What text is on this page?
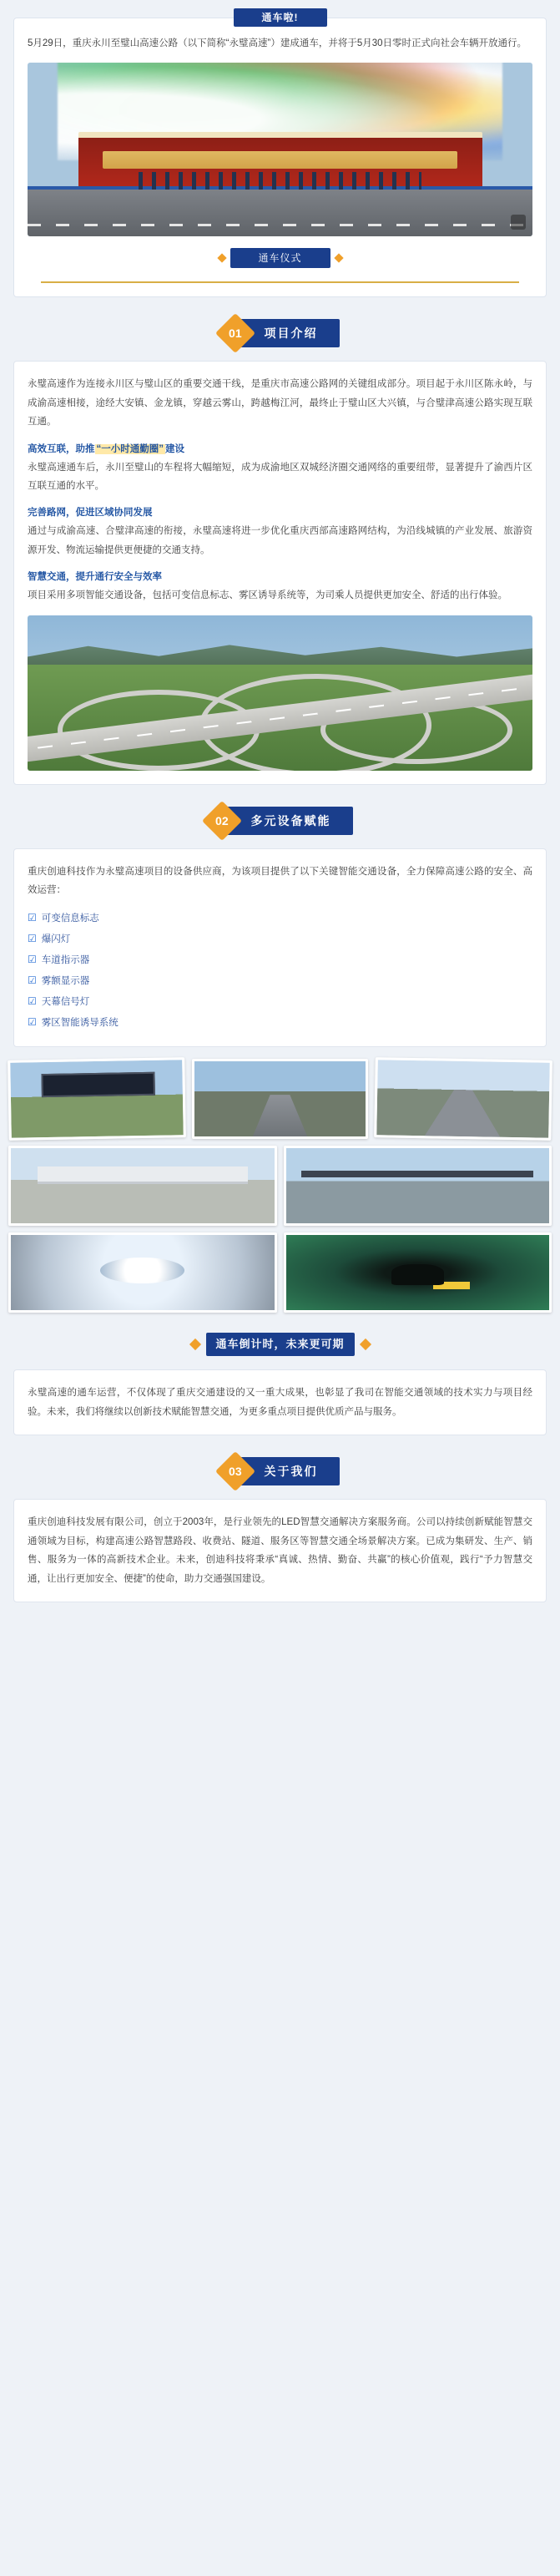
通车啦!
5月29日，重庆永川至璧山高速公路（以下简称“永璧高速”）建成通车，并将于5月30日零时正式向社会车辆开放通行。
通车仪式
01	项目介绍

永璧高速作为连接永川区与璧山区的重要交通干线，是重庆市高速公路网的关键组成部分。项目起于永川区陈永岭，与成渝高速相接，途经大安镇、金龙镇，穿越云雾山，跨越梅江河，最终止于璧山区大兴镇，与合璧津高速公路实现互联互通。

高效互联，助推 “一小时通勤圈” 建设

永璧高速通车后，永川至璧山的车程将大幅缩短，成为成渝地区双城经济圈交通网络的重要纽带，显著提升了渝西片区互联互通的水平。

完善路网，促进区域协同发展

通过与成渝高速、合璧津高速的衔接，永璧高速将进一步优化重庆西部高速路网结构，为沿线城镇的产业发展、旅游资源开发、物流运输提供更便捷的交通支持。

智慧交通，提升通行安全与效率

项目采用多项智能交通设备，包括可变信息标志、雾区诱导系统等，为司乘人员提供更加安全、舒适的出行体验。

02	多元设备赋能

重庆创迪科技作为永璧高速项目的设备供应商，为该项目提供了以下关键智能交通设备，全力保障高速公路的安全、高效运营：

☑ 可变信息标志
☑ 爆闪灯
☑ 车道指示器
☑ 雾额显示器
☑ 天幕信号灯
☑ 雾区智能诱导系统
通车倒计时，未来更可期

永璧高速的通车运营，不仅体现了重庆交通建设的又一重大成果，也彰显了我司在智能交通领域的技术实力与项目经验。未来，我们将继续以创新技术赋能智慧交通，为更多重点项目提供优质产品与服务。

03	关于我们

重庆创迪科技发展有限公司，创立于2003年，是行业领先的LED智慧交通解决方案服务商。公司以持续创新赋能智慧交通领域为目标，构建高速公路智慧路段、收费站、隧道、服务区等智慧交通全场景解决方案。已成为集研发、生产、销售、服务为一体的高新技术企业。未来，创迪科技将秉承“真诚、热情、勤奋、共赢”的核心价值观，践行“予力智慧交通，让出行更加安全、便捷”的使命，助力交通强国建设。
